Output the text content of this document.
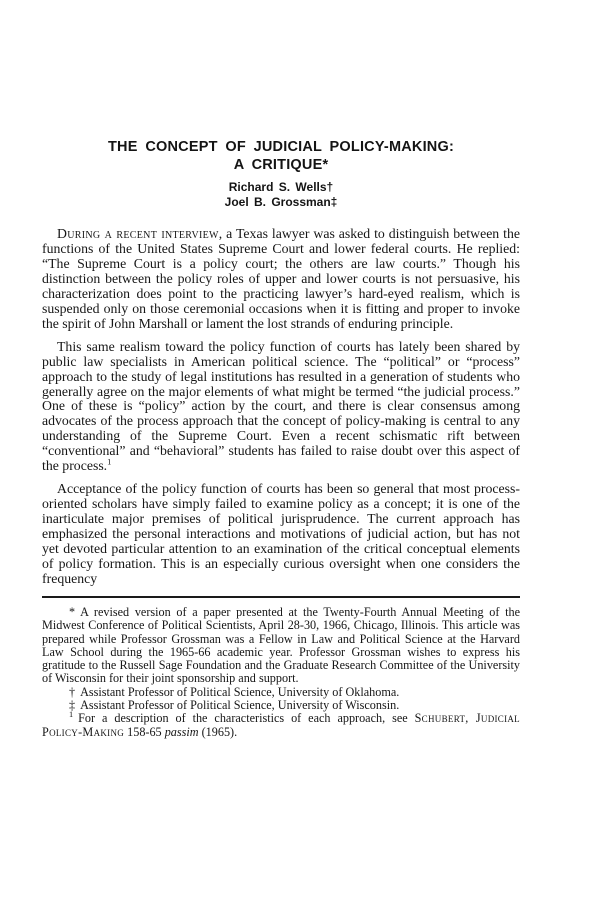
THE CONCEPT OF JUDICIAL POLICY-MAKING:
A CRITIQUE*
Richard S. Wells†
Joel B. Grossman‡

During a recent interview, a Texas lawyer was asked to distinguish between the functions of the United States Supreme Court and lower federal courts. He replied: “The Supreme Court is a policy court; the others are law courts.” Though his distinction between the policy roles of upper and lower courts is not persuasive, his characterization does point to the practicing lawyer’s hard-eyed realism, which is suspended only on those ceremonial occasions when it is fitting and proper to invoke the spirit of John Marshall or lament the lost strands of enduring principle.

This same realism toward the policy function of courts has lately been shared by public law specialists in American political science. The “political” or “process” approach to the study of legal institutions has resulted in a generation of students who generally agree on the major elements of what might be termed “the judicial process.” One of these is “policy” action by the court, and there is clear consensus among advocates of the process approach that the concept of policy-making is central to any understanding of the Supreme Court. Even a recent schismatic rift between “conventional” and “behavioral” students has failed to raise doubt over this aspect of the process.$^1$

Acceptance of the policy function of courts has been so general that most process-oriented scholars have simply failed to examine policy as a concept; it is one of the inarticulate major premises of political jurisprudence. The current approach has emphasized the personal interactions and motivations of judicial action, but has not yet devoted particular attention to an examination of the critical conceptual elements of policy formation. This is an especially curious oversight when one considers the frequency

* A revised version of a paper presented at the Twenty-Fourth Annual Meeting of the Midwest Conference of Political Scientists, April 28-30, 1966, Chicago, Illinois. This article was prepared while Professor Grossman was a Fellow in Law and Political Science at the Harvard Law School during the 1965-66 academic year. Professor Grossman wishes to express his gratitude to the Russell Sage Foundation and the Graduate Research Committee of the University of Wisconsin for their joint sponsorship and support.

† Assistant Professor of Political Science, University of Oklahoma.

‡ Assistant Professor of Political Science, University of Wisconsin.

$^1$ For a description of the characteristics of each approach, see Schubert, Judicial Policy-Making 158-65 passim (1965).
